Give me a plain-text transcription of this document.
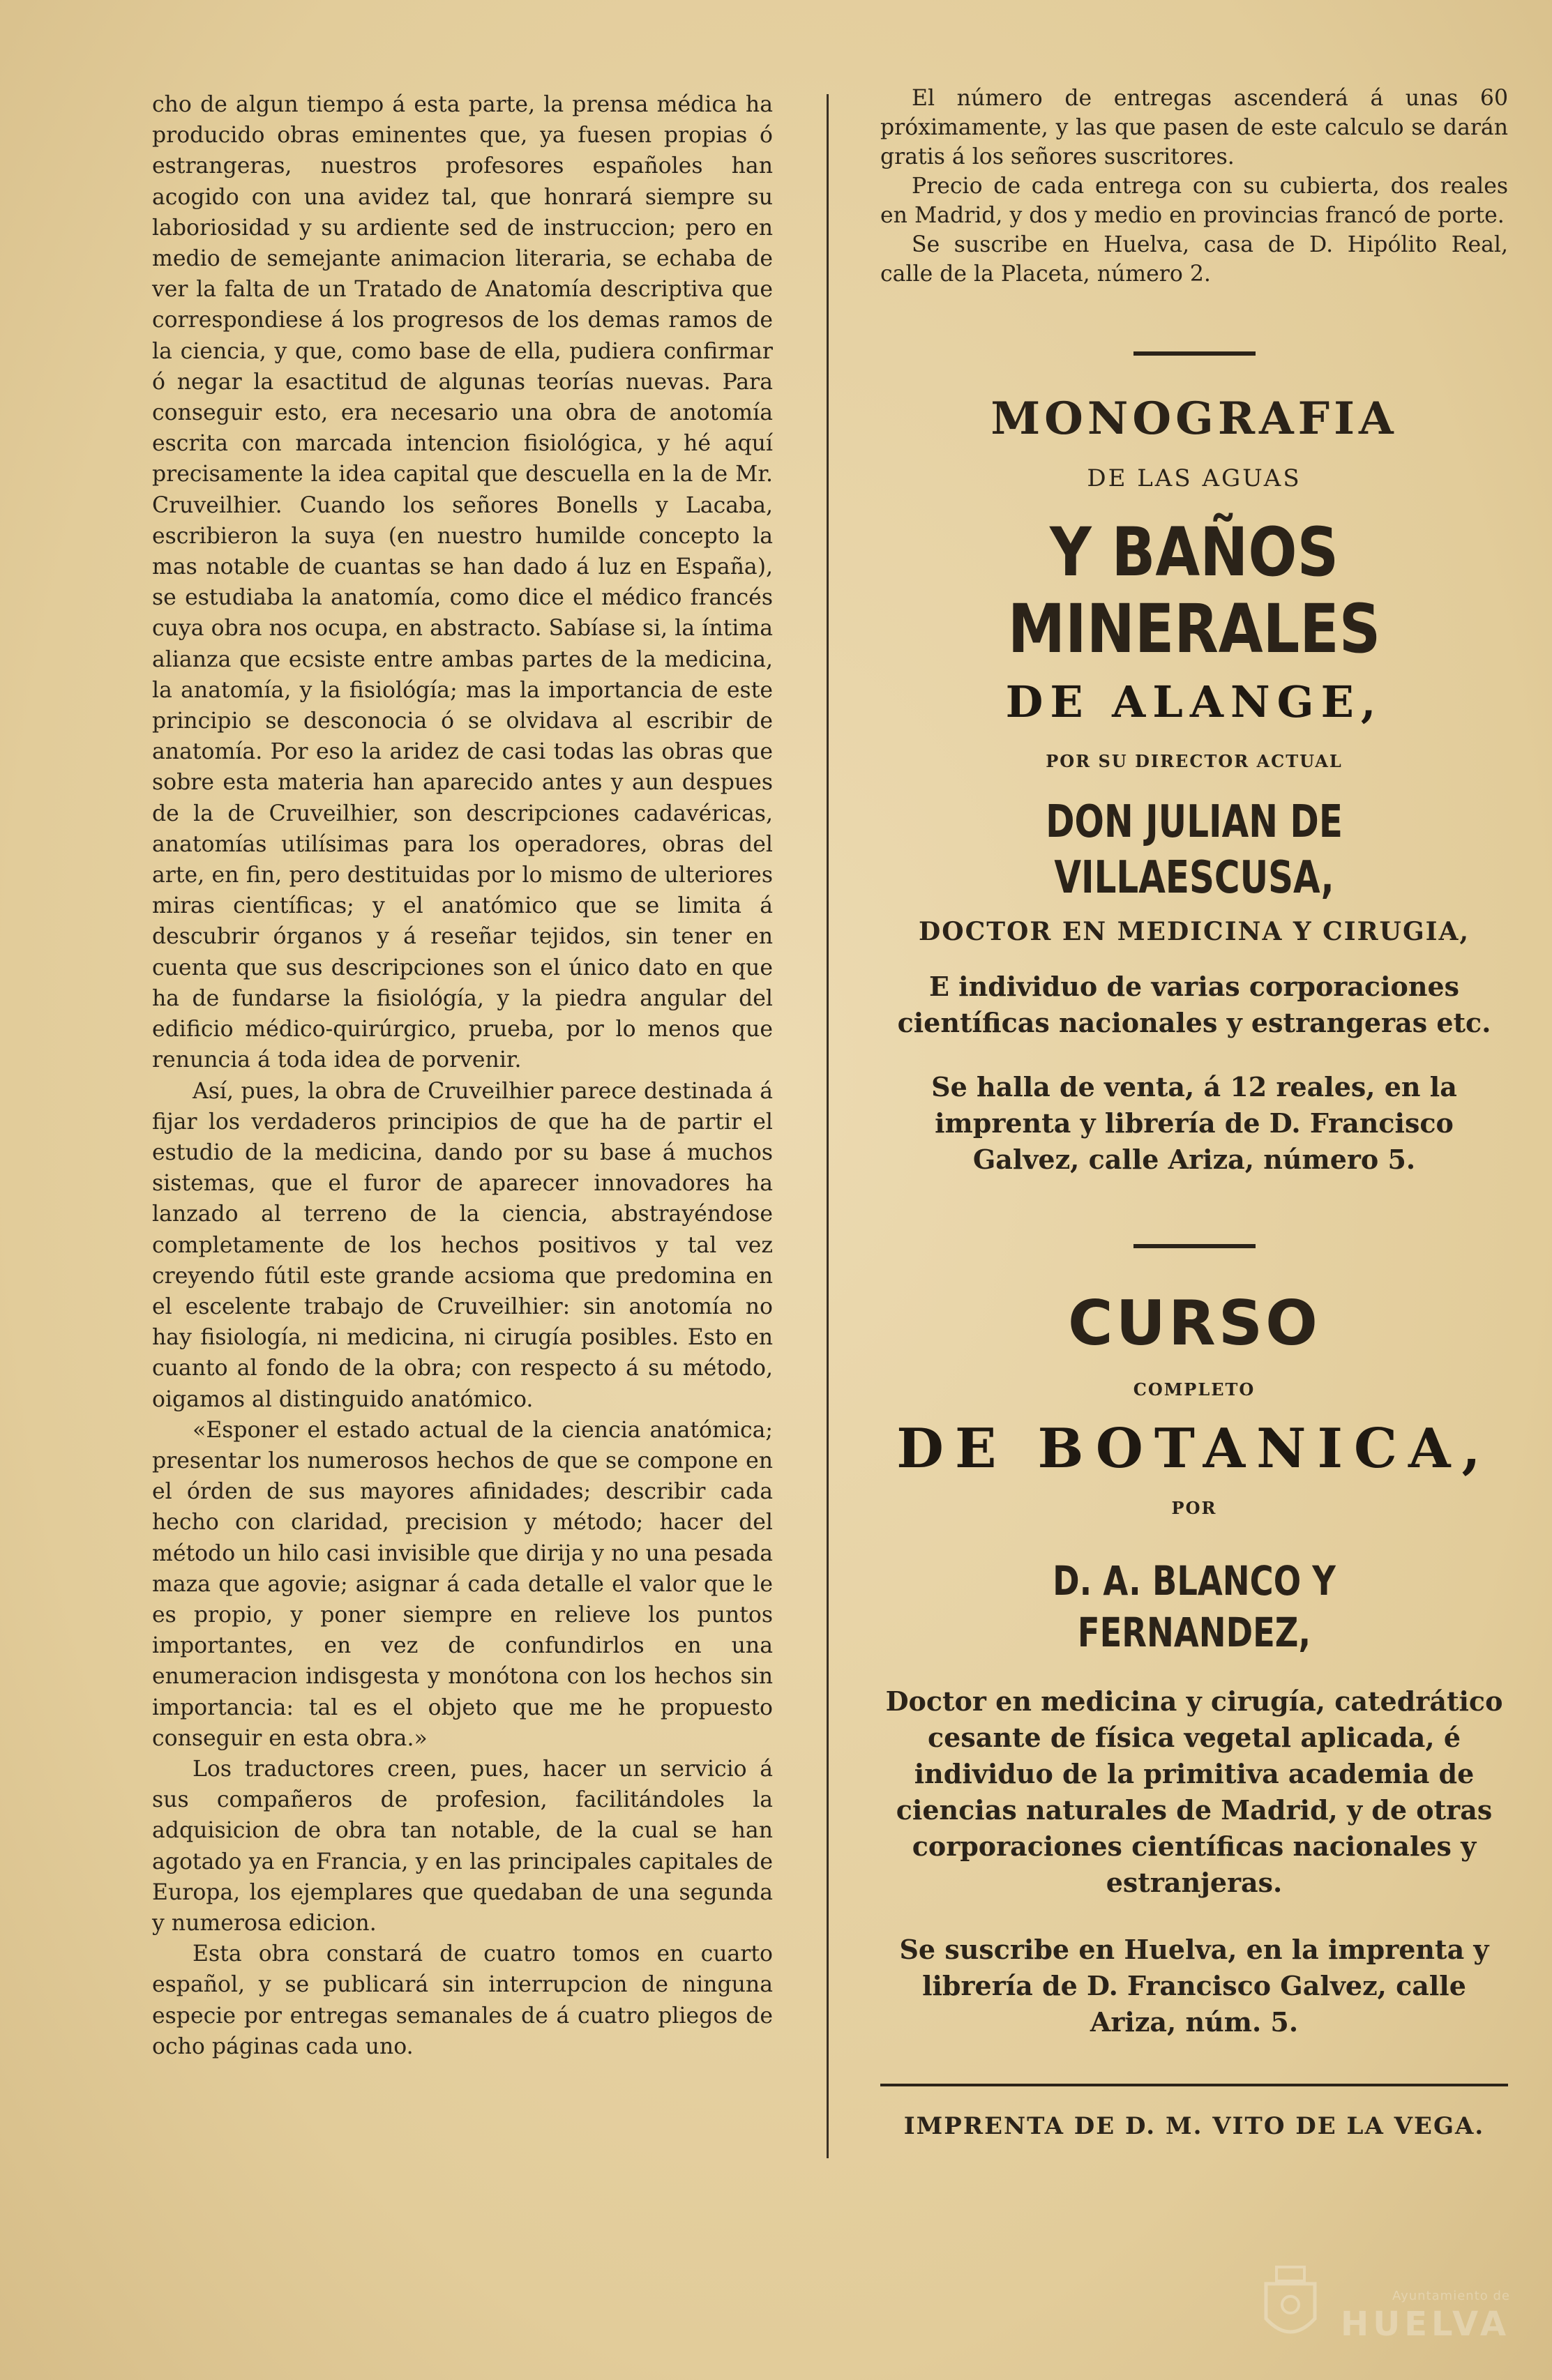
cho de algun tiempo á esta parte, la prensa médica ha producido obras eminentes que, ya fuesen propias ó estrangeras, nuestros profesores españoles han acogido con una avidez tal, que honrará siempre su laboriosidad y su ardiente sed de instruccion; pero en medio de semejante animacion literaria, se echaba de ver la falta de un Tratado de Anatomía descriptiva que correspondiese á los progresos de los demas ramos de la ciencia, y que, como base de ella, pudiera confirmar ó negar la esactitud de algunas teorías nuevas. Para conseguir esto, era necesario una obra de anotomía escrita con marcada intencion fisiológica, y hé aquí precisamente la idea capital que descuella en la de Mr. Cruveilhier. Cuando los señores Bonells y Lacaba, escribieron la suya (en nuestro humilde concepto la mas notable de cuantas se han dado á luz en España), se estudiaba la anatomía, como dice el médico francés cuya obra nos ocupa, en abstracto. Sabíase si, la íntima alianza que ecsiste entre ambas partes de la medicina, la anatomía, y la fisiológía; mas la importancia de este principio se desconocia ó se olvidava al escribir de anatomía. Por eso la aridez de casi todas las obras que sobre esta materia han aparecido antes y aun despues de la de Cruveilhier, son descripciones cadavéricas, anatomías utilísimas para los operadores, obras del arte, en fin, pero destituidas por lo mismo de ulteriores miras científicas; y el anatómico que se limita á descubrir órganos y á reseñar tejidos, sin tener en cuenta que sus descripciones son el único dato en que ha de fundarse la fisiológía, y la piedra angular del edificio médico-quirúrgico, prueba, por lo menos que renuncia á toda idea de porvenir.

Así, pues, la obra de Cruveilhier parece destinada á fijar los verdaderos principios de que ha de partir el estudio de la medicina, dando por su base á muchos sistemas, que el furor de aparecer innovadores ha lanzado al terreno de la ciencia, abstrayéndose completamente de los hechos positivos y tal vez creyendo fútil este grande acsioma que predomina en el escelente trabajo de Cruveilhier: sin anotomía no hay fisiología, ni medicina, ni cirugía posibles. Esto en cuanto al fondo de la obra; con respecto á su método, oigamos al distinguido anatómico.

«Esponer el estado actual de la ciencia anatómica; presentar los numerosos hechos de que se compone en el órden de sus mayores afinidades; describir cada hecho con claridad, precision y método; hacer del método un hilo casi invisible que dirija y no una pesada maza que agovie; asignar á cada detalle el valor que le es propio, y poner siempre en relieve los puntos importantes, en vez de confundirlos en una enumeracion indisgesta y monótona con los hechos sin importancia: tal es el objeto que me he propuesto conseguir en esta obra.»

Los traductores creen, pues, hacer un servicio á sus compañeros de profesion, facilitándoles la adquisicion de obra tan notable, de la cual se han agotado ya en Francia, y en las principales capitales de Europa, los ejemplares que quedaban de una segunda y numerosa edicion.

Esta obra constará de cuatro tomos en cuarto español, y se publicará sin interrupcion de ninguna especie por entregas semanales de á cuatro pliegos de ocho páginas cada uno.

El número de entregas ascenderá á unas 60 próximamente, y las que pasen de este calculo se darán gratis á los señores suscritores.

Precio de cada entrega con su cubierta, dos reales en Madrid, y dos y medio en provincias francó de porte.

Se suscribe en Huelva, casa de D. Hipólito Real, calle de la Placeta, número 2.

MONOGRAFIA
DE LAS AGUAS
Y BAÑOS MINERALES
DE ALANGE,
POR SU DIRECTOR ACTUAL
DON JULIAN DE VILLAESCUSA,
DOCTOR EN MEDICINA Y CIRUGIA,
E individuo de varias corporaciones científicas nacionales y estrangeras etc.
Se halla de venta, á 12 reales, en la imprenta y librería de D. Francisco Galvez, calle Ariza, número 5.
CURSO
COMPLETO
DE BOTANICA,
POR
D. A. BLANCO Y FERNANDEZ,
Doctor en medicina y cirugía, catedrático cesante de física vegetal aplicada, é individuo de la primitiva academia de ciencias naturales de Madrid, y de otras corporaciones científicas nacionales y estranjeras.
Se suscribe en Huelva, en la imprenta y librería de D. Francisco Galvez, calle Ariza, núm. 5.
IMPRENTA DE D. M. VITO DE LA VEGA.
Ayuntamiento de
HUELVA
